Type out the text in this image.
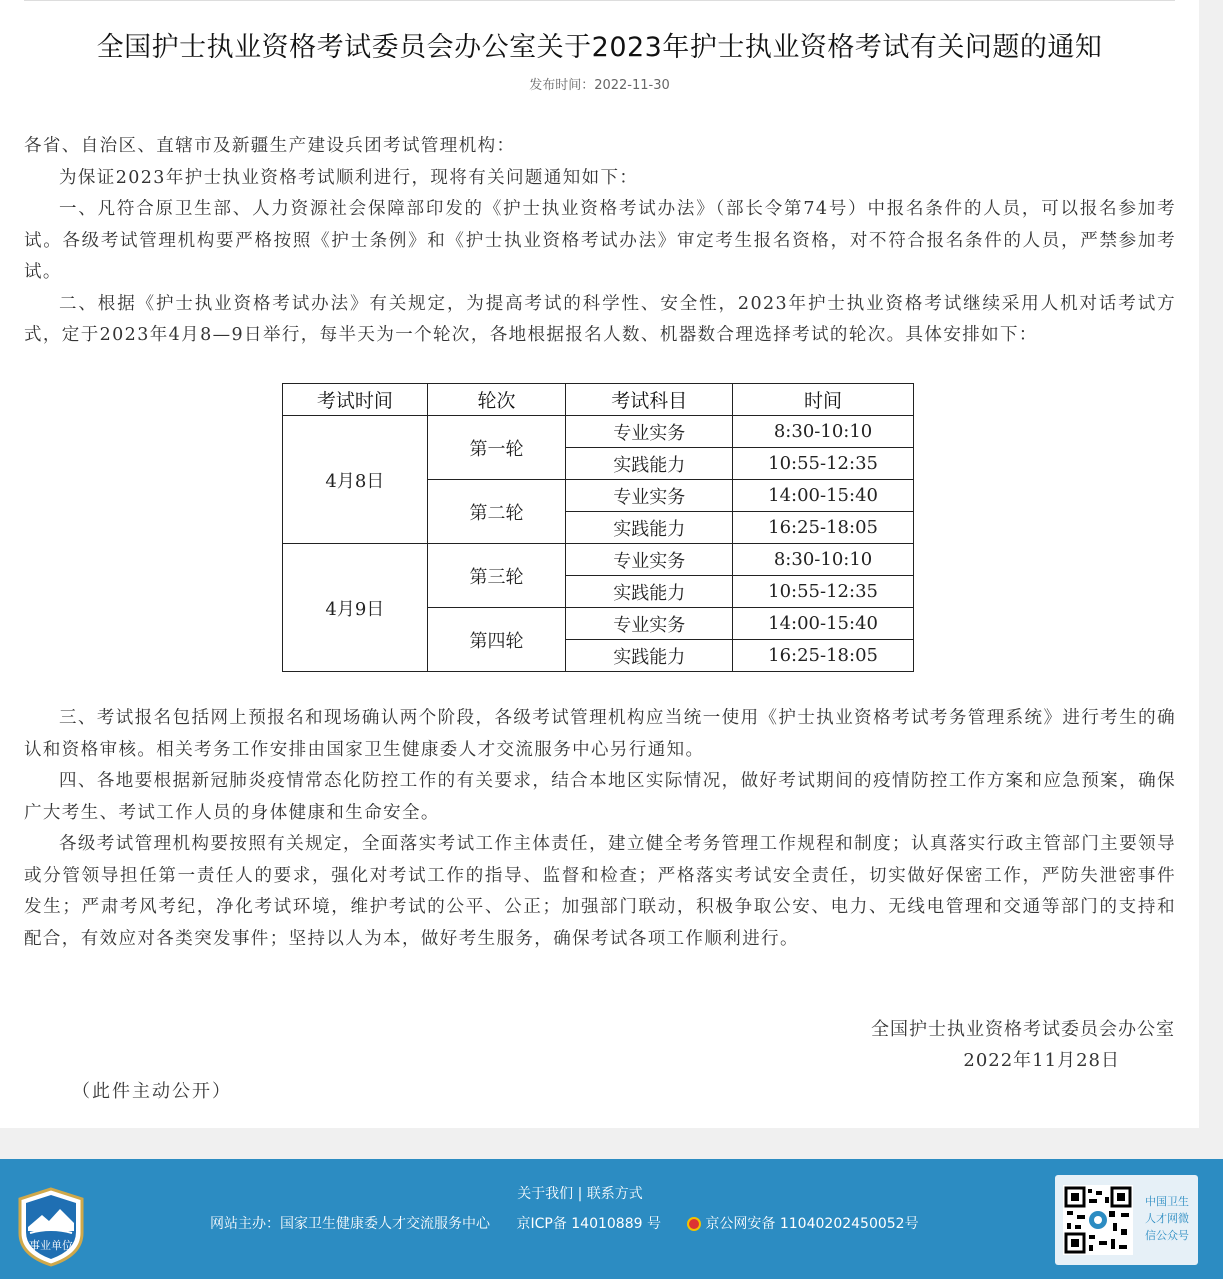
全国护士执业资格考试委员会办公室关于2023年护士执业资格考试有关问题的通知
发布时间：2022-11-30

各省、自治区、直辖市及新疆生产建设兵团考试管理机构：

为保证2023年护士执业资格考试顺利进行，现将有关问题通知如下：

一、凡符合原卫生部、人力资源社会保障部印发的《护士执业资格考试办法》（部长令第74号）中报名条件的人员，可以报名参加考试。各级考试管理机构要严格按照《护士条例》和《护士执业资格考试办法》审定考生报名资格，对不符合报名条件的人员，严禁参加考试。

二、根据《护士执业资格考试办法》有关规定，为提高考试的科学性、安全性，2023年护士执业资格考试继续采用人机对话考试方式，定于2023年4月8—9日举行，每半天为一个轮次，各地根据报名人数、机器数合理选择考试的轮次。具体安排如下：

考试时间	轮次	考试科目	时间
4月8日	第一轮	专业实务	8:30-10:10
		实践能力	10:55-12:35
	第二轮	专业实务	14:00-15:40
		实践能力	16:25-18:05
4月9日	第三轮	专业实务	8:30-10:10
		实践能力	10:55-12:35
	第四轮	专业实务	14:00-15:40
		实践能力	16:25-18:05

三、考试报名包括网上预报名和现场确认两个阶段，各级考试管理机构应当统一使用《护士执业资格考试考务管理系统》进行考生的确认和资格审核。相关考务工作安排由国家卫生健康委人才交流服务中心另行通知。

四、各地要根据新冠肺炎疫情常态化防控工作的有关要求，结合本地区实际情况，做好考试期间的疫情防控工作方案和应急预案，确保广大考生、考试工作人员的身体健康和生命安全。

各级考试管理机构要按照有关规定，全面落实考试工作主体责任，建立健全考务管理工作规程和制度；认真落实行政主管部门主要领导或分管领导担任第一责任人的要求，强化对考试工作的指导、监督和检查；严格落实考试安全责任，切实做好保密工作，严防失泄密事件发生；严肃考风考纪，净化考试环境，维护考试的公平、公正；加强部门联动，积极争取公安、电力、无线电管理和交通等部门的支持和配合，有效应对各类突发事件；坚持以人为本，做好考生服务，确保考试各项工作顺利进行。

全国护士执业资格考试委员会办公室
2022年11月28日
（此件主动公开）
事业单位
关于我们 | 联系方式
网站主办：国家卫生健康委人才交流服务中心 京ICP备 14010889 号	京公网安备 11040202450052号
中国卫生
人才网微
信公众号
